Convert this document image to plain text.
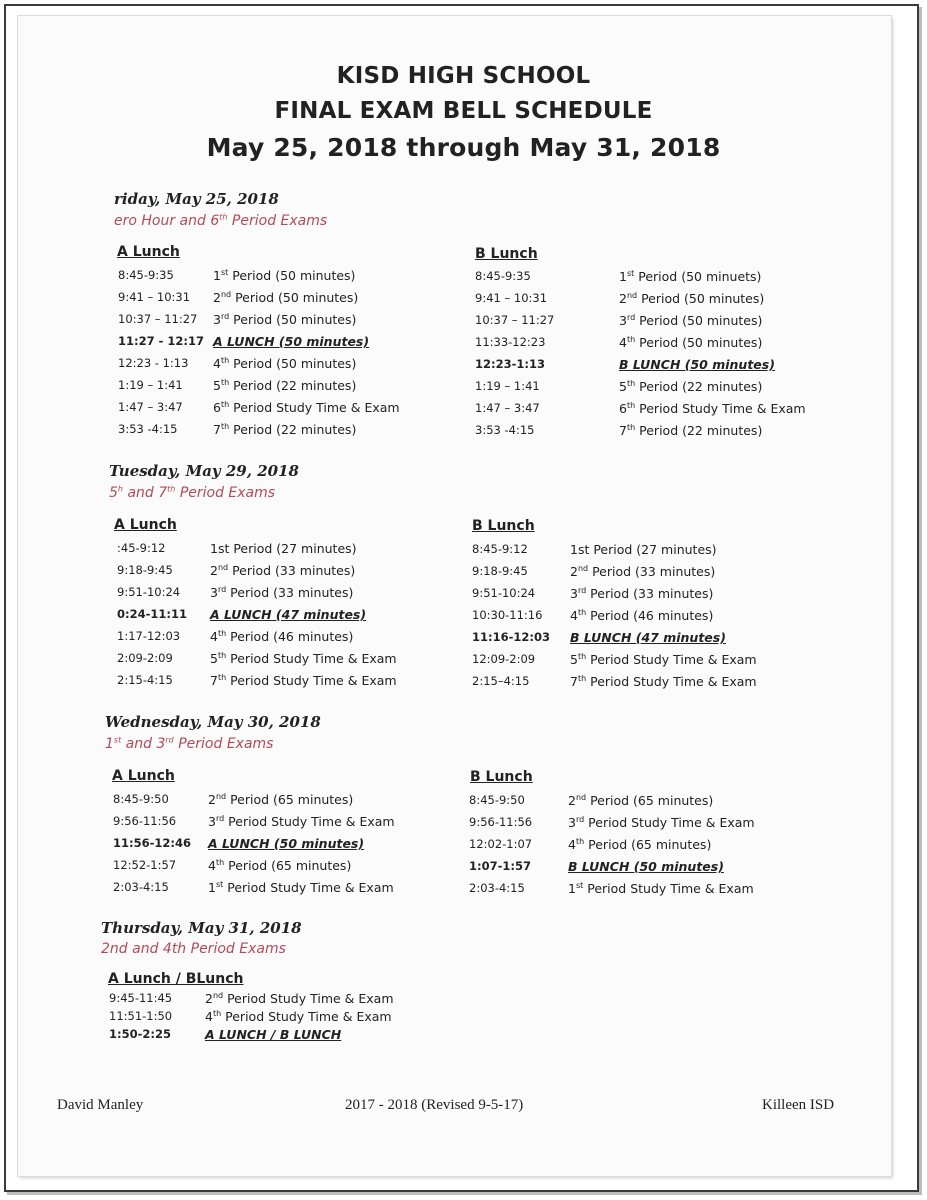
KISD HIGH SCHOOL
FINAL EXAM BELL SCHEDULE
May 25, 2018 through May 31, 2018
riday, May 25, 2018
ero Hour and 6th Period Exams
A Lunch	B Lunch
8:45-9:35	1st Period (50 minutes)
9:41 – 10:31 2nd Period (50 minutes)
10:37 – 11:27 3rd Period (50 minutes)
11:27 - 12:17 A LUNCH (50 minutes)
12:23 - 1:13 4th Period (50 minutes)
1:19 – 1:41 5th Period (22 minutes)
1:47 – 3:47 6th Period Study Time & Exam
3:53 -4:15	7th Period (22 minutes)
8:45-9:35	1st Period (50 minuets)
9:41 – 10:31	2nd Period (50 minutes)
10:37 – 11:27	3rd Period (50 minutes)
11:33-12:23	4th Period (50 minutes)
12:23-1:13	B LUNCH (50 minutes)
1:19 – 1:41	5th Period (22 minutes)
1:47 – 3:47	6th Period Study Time & Exam
3:53 -4:15	7th Period (22 minutes)
Tuesday, May 29, 2018
5$^h$ and 7th Period Exams
A Lunch	B Lunch
:45-9:12	1st Period (27 minutes)
9:18-9:45	2nd Period (33 minutes)
9:51-10:24 3rd Period (33 minutes)
0:24-11:11 A LUNCH (47 minutes)
1:17-12:03 4th Period (46 minutes)
2:09-2:09	5th Period Study Time & Exam
2:15-4:15	7th Period Study Time & Exam
8:45-9:12	1st Period (27 minutes)
9:18-9:45	2nd Period (33 minutes)
9:51-10:24	3rd Period (33 minutes)
10:30-11:16 4th Period (46 minutes)
11:16-12:03 B LUNCH (47 minutes)
12:09-2:09	5th Period Study Time & Exam
2:15–4:15	7th Period Study Time & Exam
Wednesday, May 30, 2018
1st and 3rd Period Exams
A Lunch	B Lunch
8:45-9:50	2nd Period (65 minutes)
9:56-11:56	3rd Period Study Time & Exam
11:56-12:46 A LUNCH (50 minutes)
12:52-1:57	4th Period (65 minutes)
2:03-4:15	1st Period Study Time & Exam
8:45-9:50	2nd Period (65 minutes)
9:56-11:56	3rd Period Study Time & Exam
12:02-1:07	4th Period (65 minutes)
1:07-1:57	B LUNCH (50 minutes)
2:03-4:15	1st Period Study Time & Exam
Thursday, May 31, 2018
2nd and 4th Period Exams
A Lunch / BLunch
9:45-11:45	2nd Period Study Time & Exam
11:51-1:50	4th Period Study Time & Exam
1:50-2:25	A LUNCH / B LUNCH
David Manley	2017 - 2018 (Revised 9-5-17)	Killeen ISD
